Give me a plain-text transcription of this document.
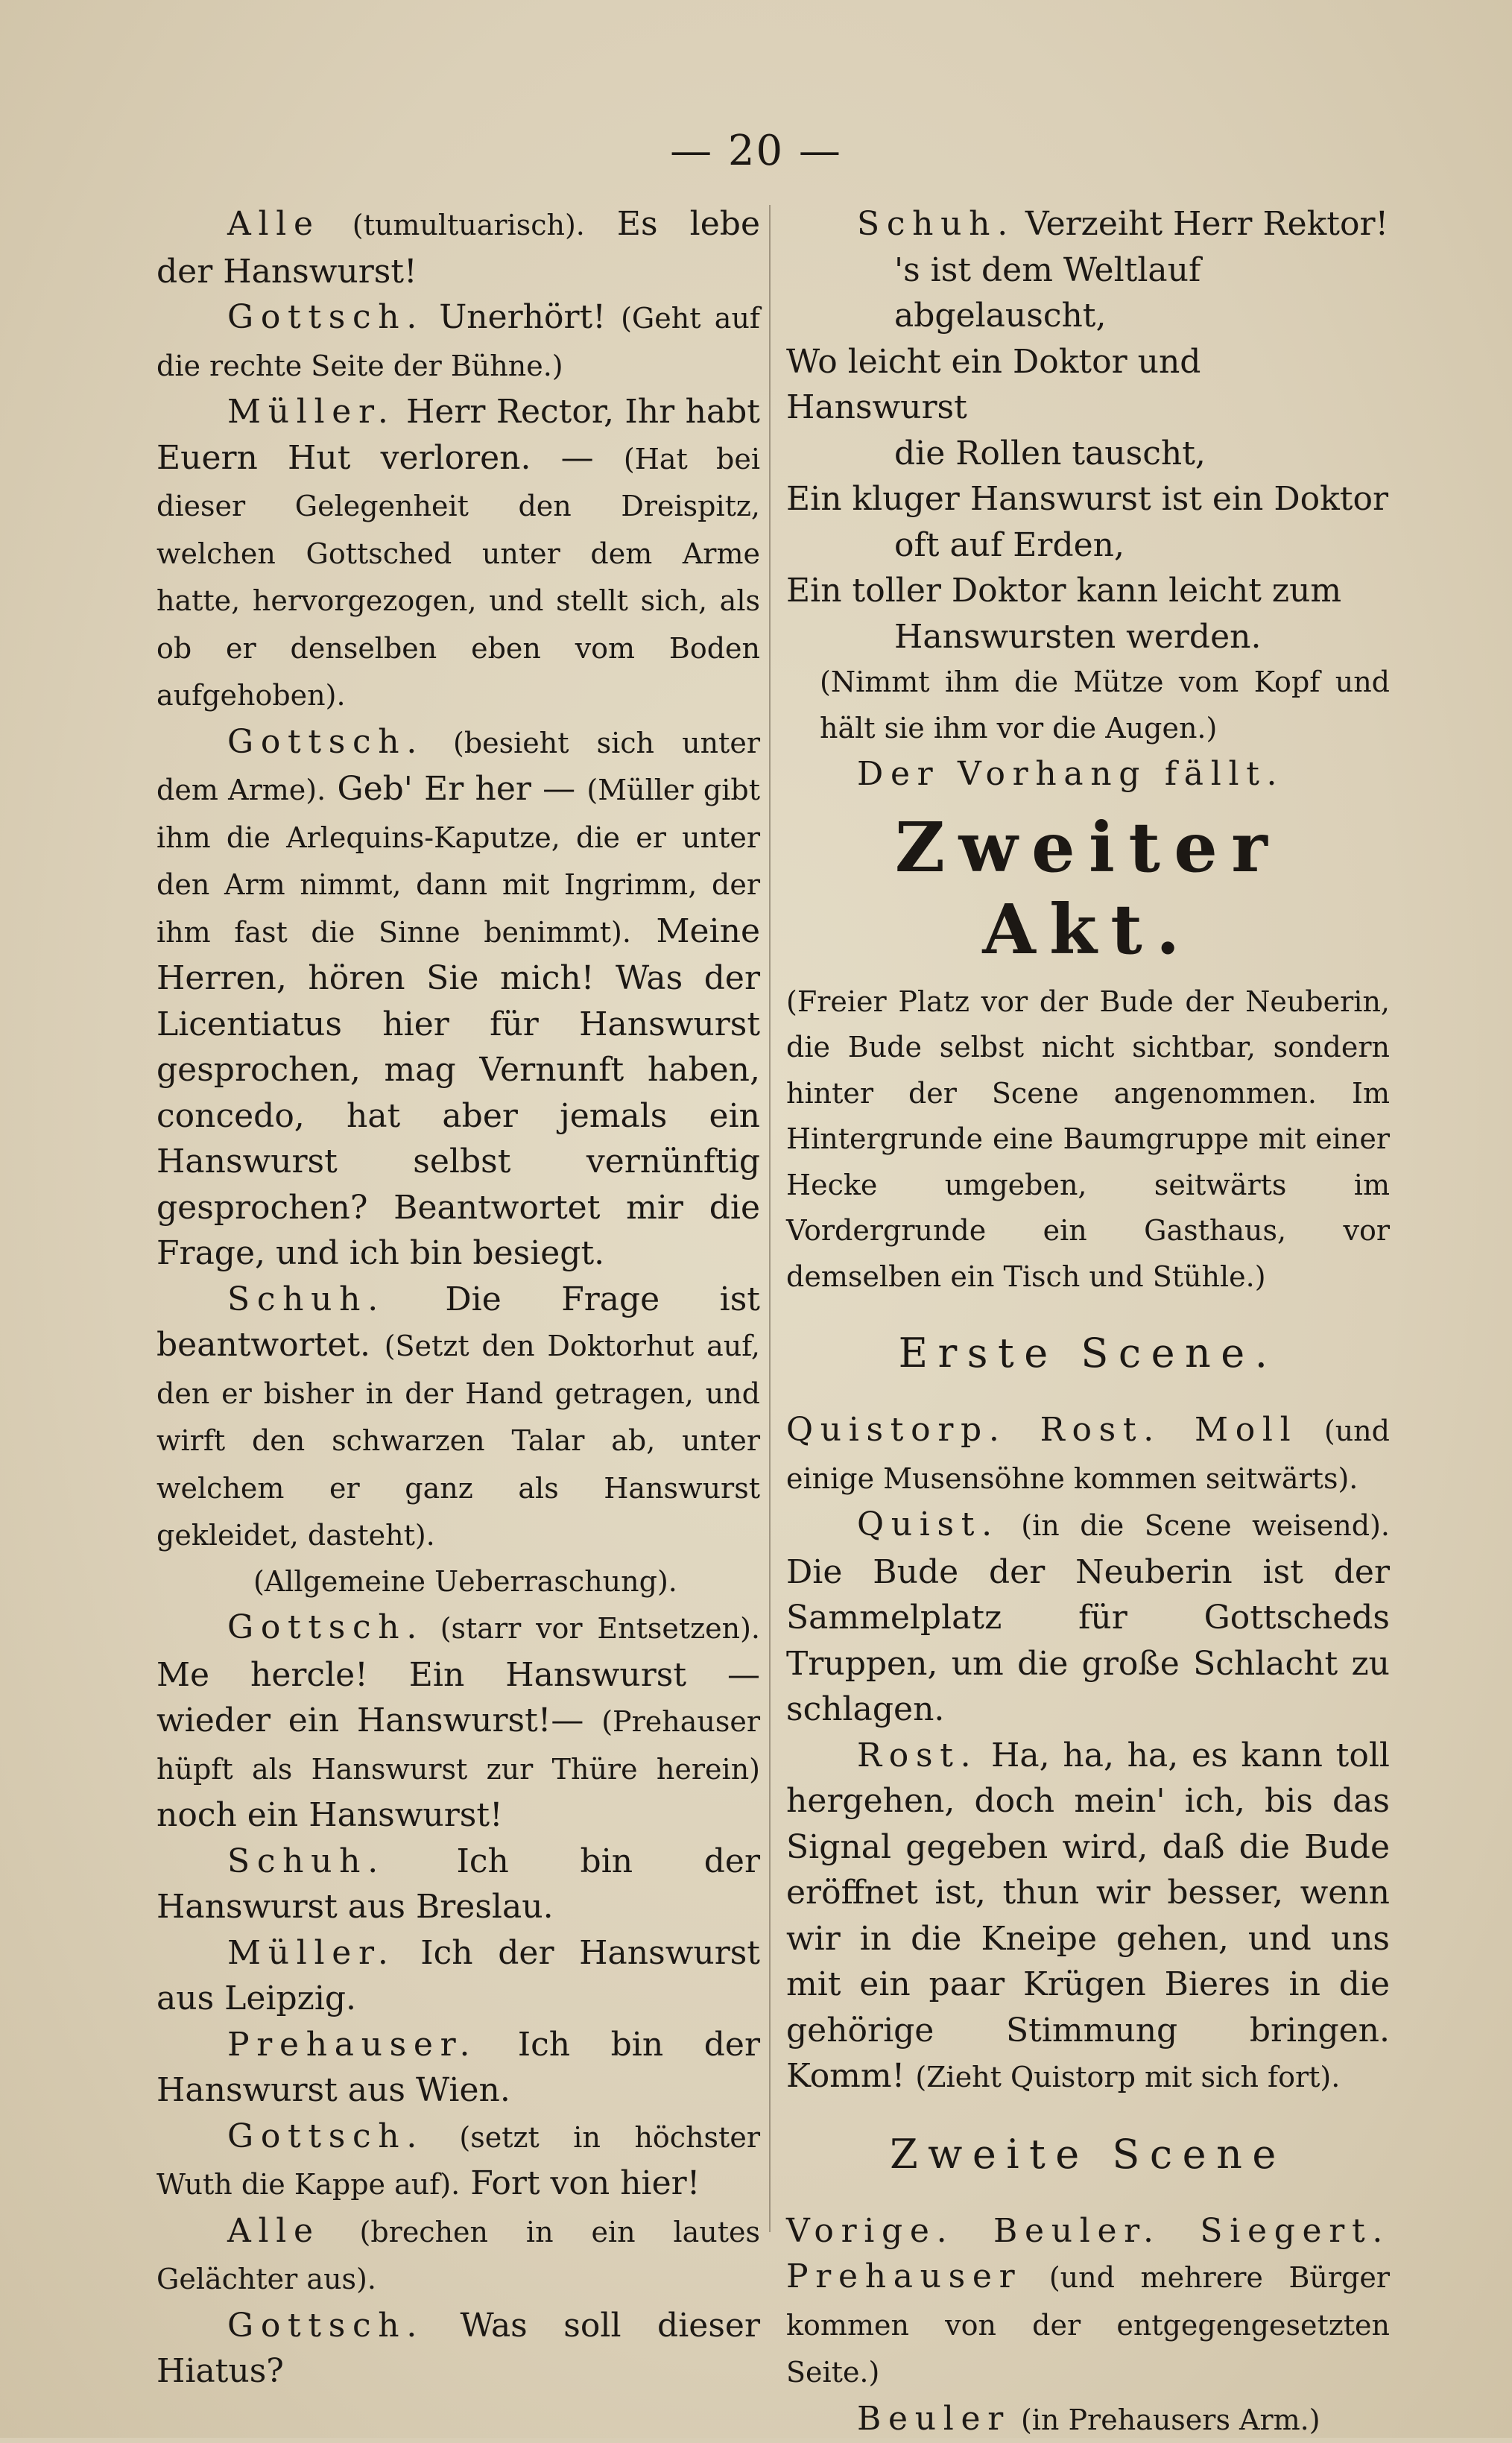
— 20 —

Alle (tumultuarisch). Es lebe der Hanswurst!

Gottsch. Unerhört! (Geht auf die rechte Seite der Bühne.)

Müller. Herr Rector, Ihr habt Euern Hut verloren. — (Hat bei dieser Gelegenheit den Dreispitz, welchen Gottsched unter dem Arme hatte, hervorgezogen, und stellt sich, als ob er denselben eben vom Boden aufgehoben).

Gottsch. (besieht sich unter dem Arme). Geb' Er her — (Müller gibt ihm die Arlequins-Kaputze, die er unter den Arm nimmt, dann mit Ingrimm, der ihm fast die Sinne benimmt). Meine Herren, hören Sie mich! Was der Licentiatus hier für Hanswurst gesprochen, mag Vernunft haben, concedo, hat aber jemals ein Hanswurst selbst vernünftig gesprochen? Beantwortet mir die Frage, und ich bin besiegt.

Schuh. Die Frage ist beantwortet. (Setzt den Doktorhut auf, den er bisher in der Hand getragen, und wirft den schwarzen Talar ab, unter welchem er ganz als Hanswurst gekleidet, dasteht).

(Allgemeine Ueberraschung).

Gottsch. (starr vor Entsetzen). Me hercle! Ein Hanswurst — wieder ein Hanswurst!— (Prehauser hüpft als Hanswurst zur Thüre herein) noch ein Hanswurst!

Schuh. Ich bin der Hanswurst aus Breslau.

Müller. Ich der Hanswurst aus Leipzig.

Prehauser. Ich bin der Hanswurst aus Wien.

Gottsch. (setzt in höchster Wuth die Kappe auf). Fort von hier!

Alle (brechen in ein lautes Gelächter aus).

Gottsch. Was soll dieser Hiatus?

Schuh. Verzeiht Herr Rektor!

's ist dem Weltlauf abgelauscht,

Wo leicht ein Doktor und Hanswurst

die Rollen tauscht,

Ein kluger Hanswurst ist ein Doktor

oft auf Erden,

Ein toller Doktor kann leicht zum

Hanswursten werden.

(Nimmt ihm die Mütze vom Kopf und hält sie ihm vor die Augen.)

Der Vorhang fällt.

Zweiter Akt.

(Freier Platz vor der Bude der Neuberin, die Bude selbst nicht sichtbar, sondern hinter der Scene angenommen. Im Hintergrunde eine Baumgruppe mit einer Hecke umgeben, seitwärts im Vordergrunde ein Gasthaus, vor demselben ein Tisch und Stühle.)

Erste Scene.

Quistorp. Rost. Moll (und einige Musensöhne kommen seitwärts).

Quist. (in die Scene weisend). Die Bude der Neuberin ist der Sammelplatz für Gottscheds Truppen, um die große Schlacht zu schlagen.

Rost. Ha, ha, ha, es kann toll hergehen, doch mein' ich, bis das Signal gegeben wird, daß die Bude eröffnet ist, thun wir besser, wenn wir in die Kneipe gehen, und uns mit ein paar Krügen Bieres in die gehörige Stimmung bringen. Komm! (Zieht Quistorp mit sich fort).

Zweite Scene

Vorige. Beuler. Siegert. Prehauser (und mehrere Bürger kommen von der entgegengesetzten Seite.)

Beuler (in Prehausers Arm.)
